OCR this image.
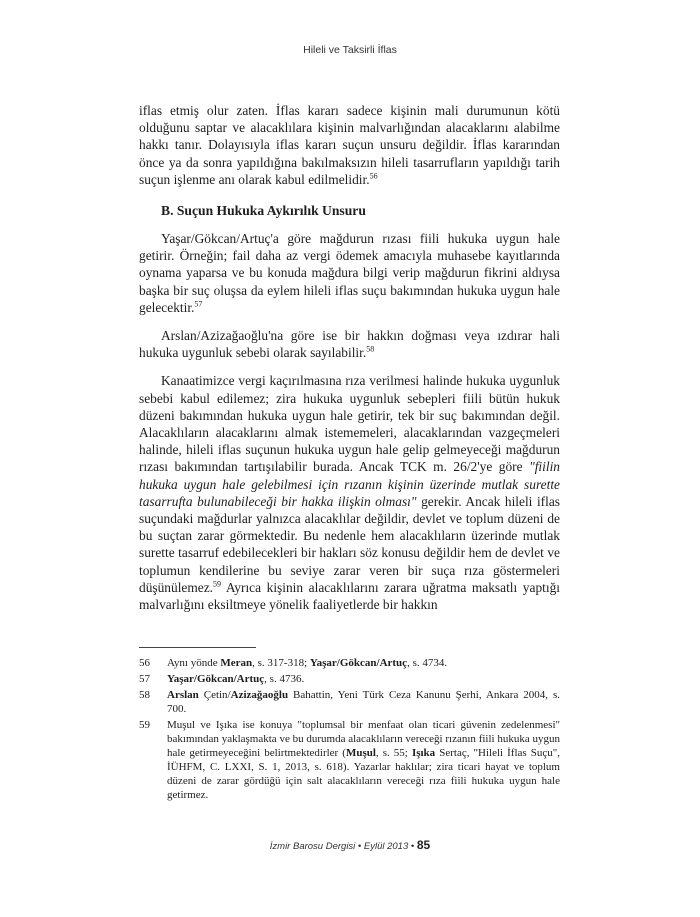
Hileli ve Taksirli İflas

iflas etmiş olur zaten. İflas kararı sadece kişinin mali durumunun kötü olduğunu saptar ve alacaklılara kişinin malvarlığından alacaklarını alabilme hakkı tanır. Dolayısıyla iflas kararı suçun unsuru değildir. İflas kararından önce ya da sonra yapıldığına bakılmaksızın hileli tasarrufların yapıldığı tarih suçun işlenme anı olarak kabul edilmelidir.$^{56}$

B. Suçun Hukuka Aykırılık Unsuru

Yaşar/Gökcan/Artuç'a göre mağdurun rızası fiili hukuka uygun hale getirir. Örneğin; fail daha az vergi ödemek amacıyla muhasebe kayıtlarında oynama yaparsa ve bu konuda mağdura bilgi verip mağdurun fikrini aldıysa başka bir suç oluşsa da eylem hileli iflas suçu bakımından hukuka uygun hale gelecektir.$^{57}$

Arslan/Azizağaoğlu'na göre ise bir hakkın doğması veya ızdırar hali hukuka uygunluk sebebi olarak sayılabilir.$^{58}$

Kanaatimizce vergi kaçırılmasına rıza verilmesi halinde hukuka uygunluk sebebi kabul edilemez; zira hukuka uygunluk sebepleri fiili bütün hukuk düzeni bakımından hukuka uygun hale getirir, tek bir suç bakımından değil. Alacaklıların alacaklarını almak istememeleri, alacaklarından vazgeçmeleri halinde, hileli iflas suçunun hukuka uygun hale gelip gelmeyeceği mağdurun rızası bakımından tartışılabilir burada. Ancak TCK m. 26/2'ye göre "fiilin hukuka uygun hale gelebilmesi için rızanın kişinin üzerinde mutlak surette tasarrufta bulunabileceği bir hakka ilişkin olması" gerekir. Ancak hileli iflas suçundaki mağdurlar yalnızca alacaklılar değildir, devlet ve toplum düzeni de bu suçtan zarar görmektedir. Bu nedenle hem alacaklıların üzerinde mutlak surette tasarruf edebilecekleri bir hakları söz konusu değildir hem de devlet ve toplumun kendilerine bu seviye zarar veren bir suça rıza göstermeleri düşünülemez.$^{59}$ Ayrıca kişinin alacaklılarını zarara uğratma maksatlı yaptığı malvarlığını eksiltmeye yönelik faaliyetlerde bir hakkın

56	Aynı yönde Meran, s. 317-318; Yaşar/Gökcan/Artuç, s. 4734.
57	Yaşar/Gökcan/Artuç, s. 4736.
58	Arslan Çetin/Azizağaoğlu Bahattin, Yeni Türk Ceza Kanunu Şerhi, Ankara 2004, s. 700.
59	Muşul ve Işıka ise konuya "toplumsal bir menfaat olan ticari güvenin zedelenmesi" bakımından yaklaşmakta ve bu durumda alacaklıların vereceği rızanın fiili hukuka uygun hale getirmeyeceğini belirtmektedirler (Muşul, s. 55; Işıka Sertaç, "Hileli İflas Suçu", İÜHFM, C. LXXI, S. 1, 2013, s. 618). Yazarlar haklılar; zira ticari hayat ve toplum düzeni de zarar gördüğü için salt alacaklıların vereceği rıza fiili hukuka uygun hale getirmez.
İzmir Barosu Dergisi • Eylül 2013 • 85
